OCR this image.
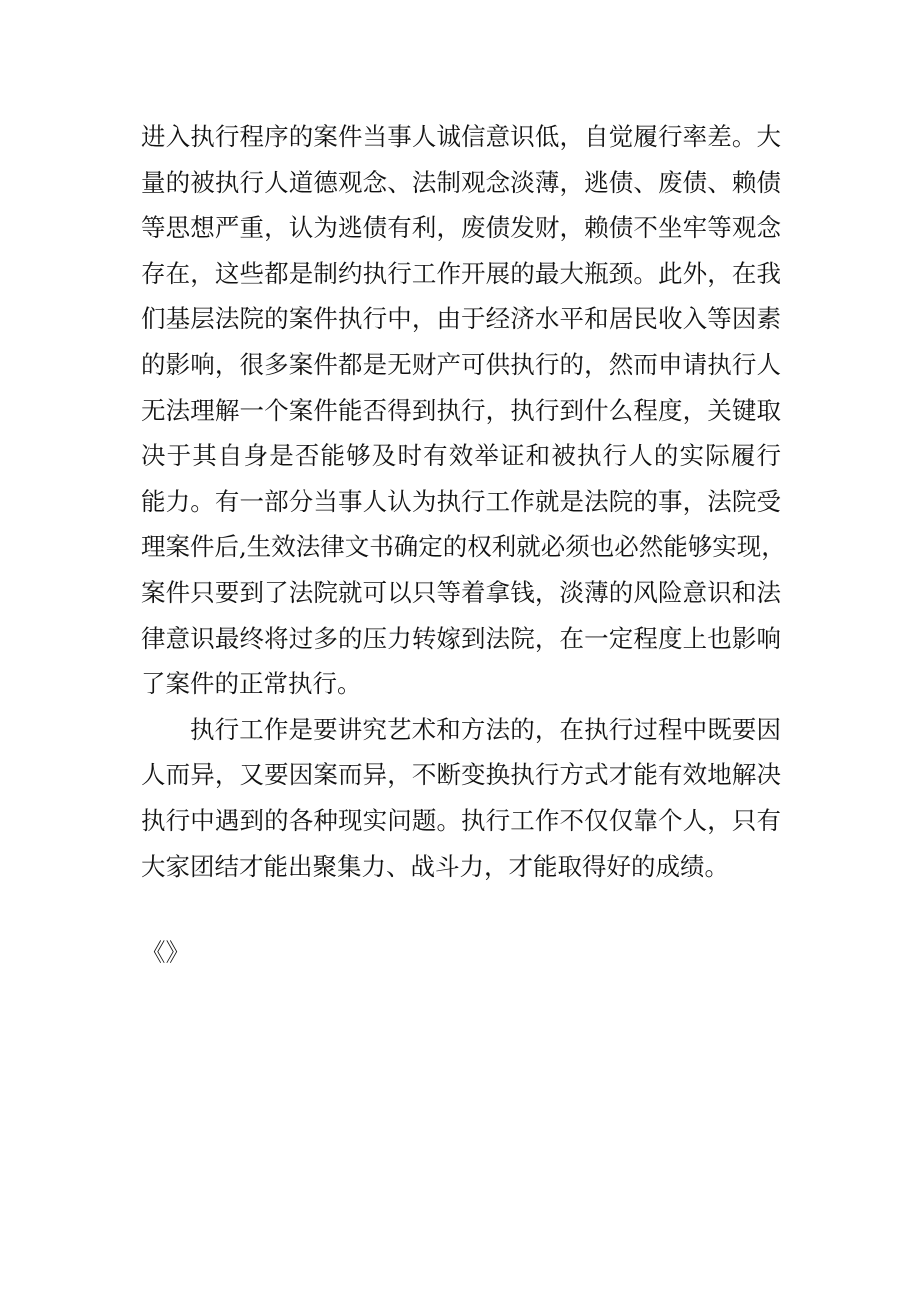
进入执行程序的案件当事人诚信意识低，自觉履行率差。大
量的被执行人道德观念、法制观念淡薄，逃债、废债、赖债
等思想严重，认为逃债有利，废债发财，赖债不坐牢等观念
存在，这些都是制约执行工作开展的最大瓶颈。此外，在我
们基层法院的案件执行中，由于经济水平和居民收入等因素
的影响，很多案件都是无财产可供执行的，然而申请执行人
无法理解一个案件能否得到执行，执行到什么程度，关键取
决于其自身是否能够及时有效举证和被执行人的实际履行
能力。有一部分当事人认为执行工作就是法院的事，法院受
理案件后,生效法律文书确定的权利就必须也必然能够实现，
案件只要到了法院就可以只等着拿钱，淡薄的风险意识和法
律意识最终将过多的压力转嫁到法院，在一定程度上也影响
了案件的正常执行。
执行工作是要讲究艺术和方法的，在执行过程中既要因
人而异，又要因案而异，不断变换执行方式才能有效地解决
执行中遇到的各种现实问题。执行工作不仅仅靠个人，只有
大家团结才能出聚集力、战斗力，才能取得好的成绩。
《》
